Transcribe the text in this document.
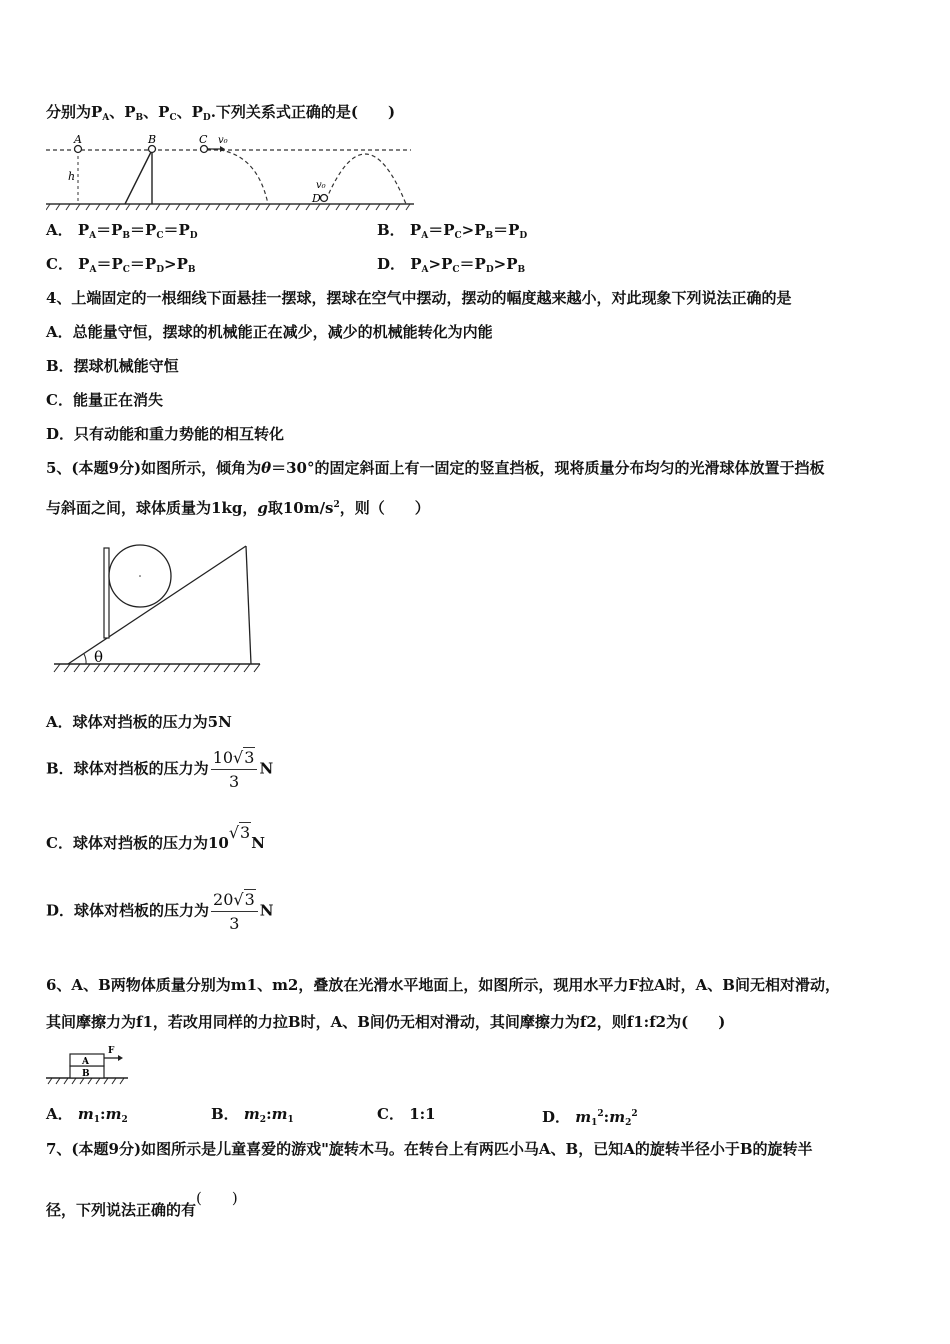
分别为$P_A$、$P_B$、$P_C$、$P_D$.下列关系式正确的是(　　)
A
h
B	C v₀
D
v₀
A． $P_A=P_B=P_C=P_D$	B． $P_A=P_C>P_B=P_D$
C． $P_A=P_C=P_D>P_B$	D． $P_A>P_C=P_D>P_B$
4、上端固定的一根细线下面悬挂一摆球，摆球在空气中摆动，摆动的幅度越来越小，对此现象下列说法正确的是
A．总能量守恒，摆球的机械能正在减少，减少的机械能转化为内能
B．摆球机械能守恒
C．能量正在消失
D．只有动能和重力势能的相互转化
5、(本题9分)如图所示，倾角为θ＝30°的固定斜面上有一固定的竖直挡板，现将质量分布均匀的光滑球体放置于挡板
与斜面之间，球体质量为1kg，g取$10m/s^2$，则（　　）
θ
A．球体对挡板的压力为5N
B．球体对挡板的压力为 $\frac{10√3}{3}$ N
C．球体对挡板的压力为10√3N
D．球体对档板的压力为 $\frac{20√3}{3}$ N
6、A、B两物体质量分别为m1、m2，叠放在光滑水平地面上，如图所示，现用水平力F拉A时，A、B间无相对滑动，
其间摩擦力为f1，若改用同样的力拉B时，A、B间仍无相对滑动，其间摩擦力为f2，则f1:f2为(　　)
A
B
F
A． $m_1:m_2$	B． $m_2:m_1$	C． 1:1	D． $m_1^2:m_2^2$
7、(本题9分)如图所示是儿童喜爱的游戏"旋转木马。在转台上有两匹小马A、B，已知A的旋转半径小于B的旋转半
径，下列说法正确的有(　　)
